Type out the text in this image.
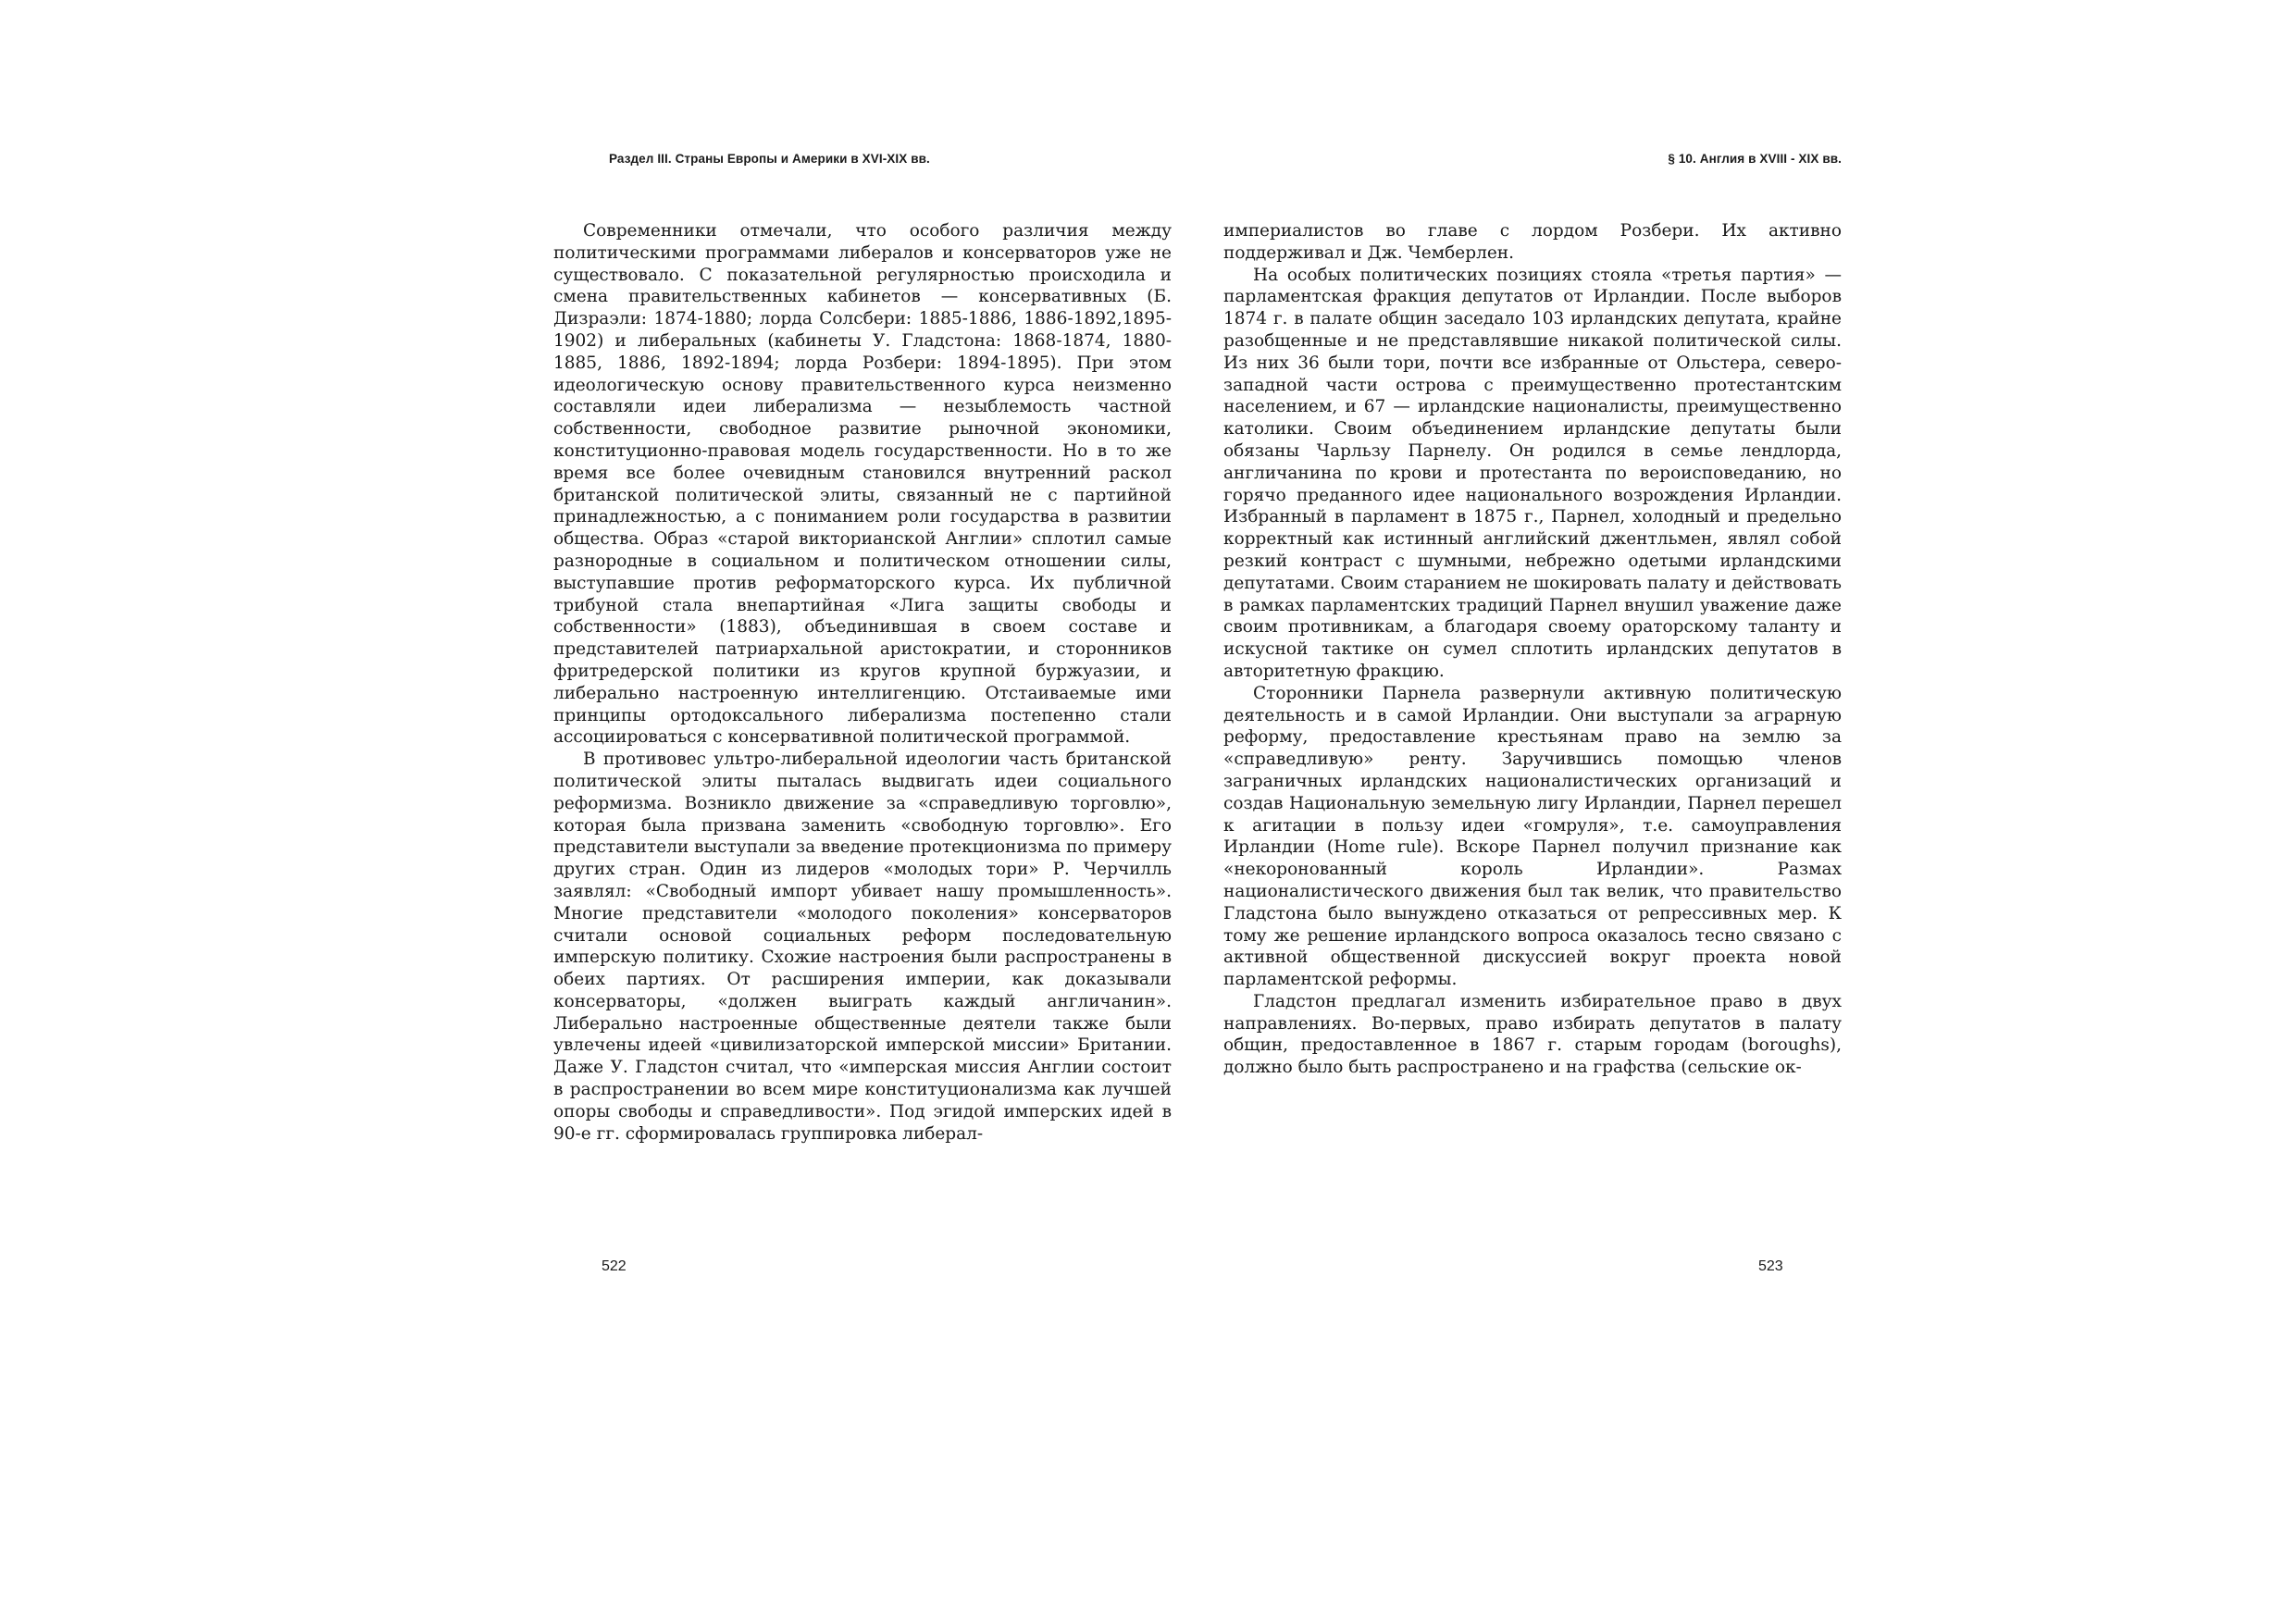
Раздел III. Страны Европы и Америки в XVI-XIX вв.

Современники отмечали, что особого различия между политическими программами либералов и консерваторов уже не существовало. С показательной регулярностью происходила и смена правительственных кабинетов — консервативных (Б. Дизраэли: 1874-1880; лорда Солсбери: 1885-1886, 1886-1892,1895-1902) и либеральных (кабинеты У. Гладстона: 1868-1874, 1880-1885, 1886, 1892-1894; лорда Розбери: 1894-1895). При этом идеологическую основу правительственного курса неизменно составляли идеи либерализма — незыблемость частной собственности, свободное развитие рыночной экономики, конституционно-правовая модель государственности. Но в то же время все более очевидным становился внутренний раскол британской политической элиты, связанный не с партийной принадлежностью, а с пониманием роли государства в развитии общества. Образ «старой викторианской Англии» сплотил самые разнородные в социальном и политическом отношении силы, выступавшие против реформаторского курса. Их публичной трибуной стала внепартийная «Лига защиты свободы и собственности» (1883), объединившая в своем составе и представителей патриархальной аристократии, и сторонников фритредерской политики из кругов крупной буржуазии, и либерально настроенную интеллигенцию. Отстаиваемые ими принципы ортодоксального либерализма постепенно стали ассоциироваться с консервативной политической программой.

В противовес ультро-либеральной идеологии часть британской политической элиты пыталась выдвигать идеи социального реформизма. Возникло движение за «справедливую торговлю», которая была призвана заменить «свободную торговлю». Его представители выступали за введение протекционизма по примеру других стран. Один из лидеров «молодых тори» Р. Черчилль заявлял: «Свободный импорт убивает нашу промышленность». Многие представители «молодого поколения» консерваторов считали основой социальных реформ последовательную имперскую политику. Схожие настроения были распространены в обеих партиях. От расширения империи, как доказывали консерваторы, «должен выиграть каждый англичанин». Либерально настроенные общественные деятели также были увлечены идеей «цивилизаторской имперской миссии» Британии. Даже У. Гладстон считал, что «имперская миссия Англии состоит в распространении во всем мире конституционализма как лучшей опоры свободы и справедливости». Под эгидой имперских идей в 90-е гг. сформировалась группировка либерал-

522
§ 10. Англия в XVIII - XIX вв.

империалистов во главе с лордом Розбери. Их активно поддерживал и Дж. Чемберлен.

На особых политических позициях стояла «третья партия» — парламентская фракция депутатов от Ирландии. После выборов 1874 г. в палате общин заседало 103 ирландских депутата, крайне разобщенные и не представлявшие никакой политической силы. Из них 36 были тори, почти все избранные от Ольстера, северо-западной части острова с преимущественно протестантским населением, и 67 — ирландские националисты, преимущественно католики. Своим объединением ирландские депутаты были обязаны Чарльзу Парнелу. Он родился в семье лендлорда, англичанина по крови и протестанта по вероисповеданию, но горячо преданного идее национального возрождения Ирландии. Избранный в парламент в 1875 г., Парнел, холодный и предельно корректный как истинный английский джентльмен, являл собой резкий контраст с шумными, небрежно одетыми ирландскими депутатами. Своим старанием не шокировать палату и действовать в рамках парламентских традиций Парнел внушил уважение даже своим противникам, а благодаря своему ораторскому таланту и искусной тактике он сумел сплотить ирландских депутатов в авторитетную фракцию.

Сторонники Парнела развернули активную политическую деятельность и в самой Ирландии. Они выступали за аграрную реформу, предоставление крестьянам право на землю за «справедливую» ренту. Заручившись помощью членов заграничных ирландских националистических организаций и создав Национальную земельную лигу Ирландии, Парнел перешел к агитации в пользу идеи «гомруля», т.е. самоуправления Ирландии (Home rule). Вскоре Парнел получил признание как «некоронованный король Ирландии». Размах националистического движения был так велик, что правительство Гладстона было вынуждено отказаться от репрессивных мер. К тому же решение ирландского вопроса оказалось тесно связано с активной общественной дискуссией вокруг проекта новой парламентской реформы.

Гладстон предлагал изменить избирательное право в двух направлениях. Во-первых, право избирать депутатов в палату общин, предоставленное в 1867 г. старым городам (boroughs), должно было быть распространено и на графства (сельские ок-

523
